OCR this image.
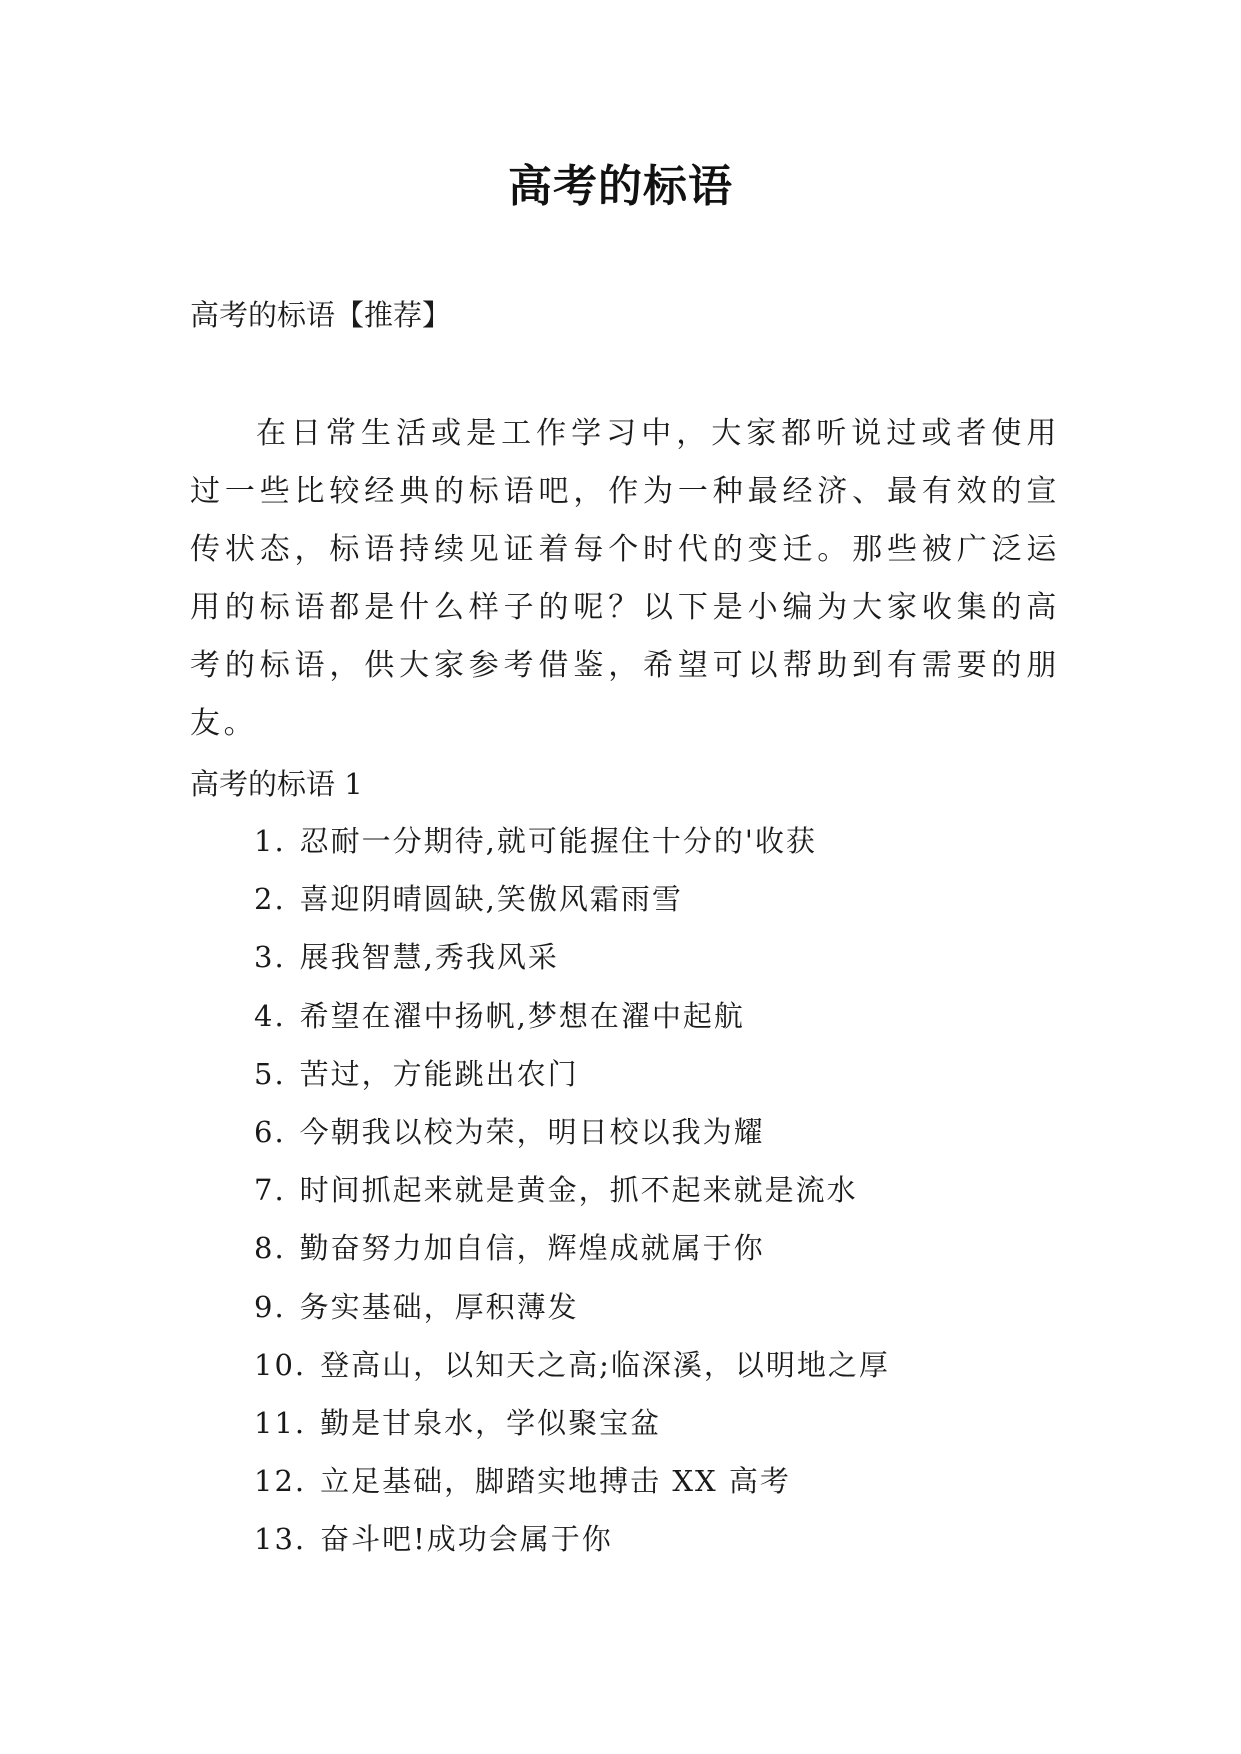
高考的标语
高考的标语【推荐】

在日常生活或是工作学习中，大家都听说过或者使用过一些比较经典的标语吧，作为一种最经济、最有效的宣传状态，标语持续见证着每个时代的变迁。那些被广泛运用的标语都是什么样子的呢？以下是小编为大家收集的高考的标语，供大家参考借鉴，希望可以帮助到有需要的朋友。

高考的标语 1
1. 忍耐一分期待,就可能握住十分的'收获
2. 喜迎阴晴圆缺,笑傲风霜雨雪
3. 展我智慧,秀我风采
4. 希望在濯中扬帆,梦想在濯中起航
5. 苦过，方能跳出农门
6. 今朝我以校为荣，明日校以我为耀
7. 时间抓起来就是黄金，抓不起来就是流水
8. 勤奋努力加自信，辉煌成就属于你
9. 务实基础，厚积薄发
10. 登高山，以知天之高;临深溪，以明地之厚
11. 勤是甘泉水，学似聚宝盆
12. 立足基础，脚踏实地搏击 XX 高考
13. 奋斗吧!成功会属于你
